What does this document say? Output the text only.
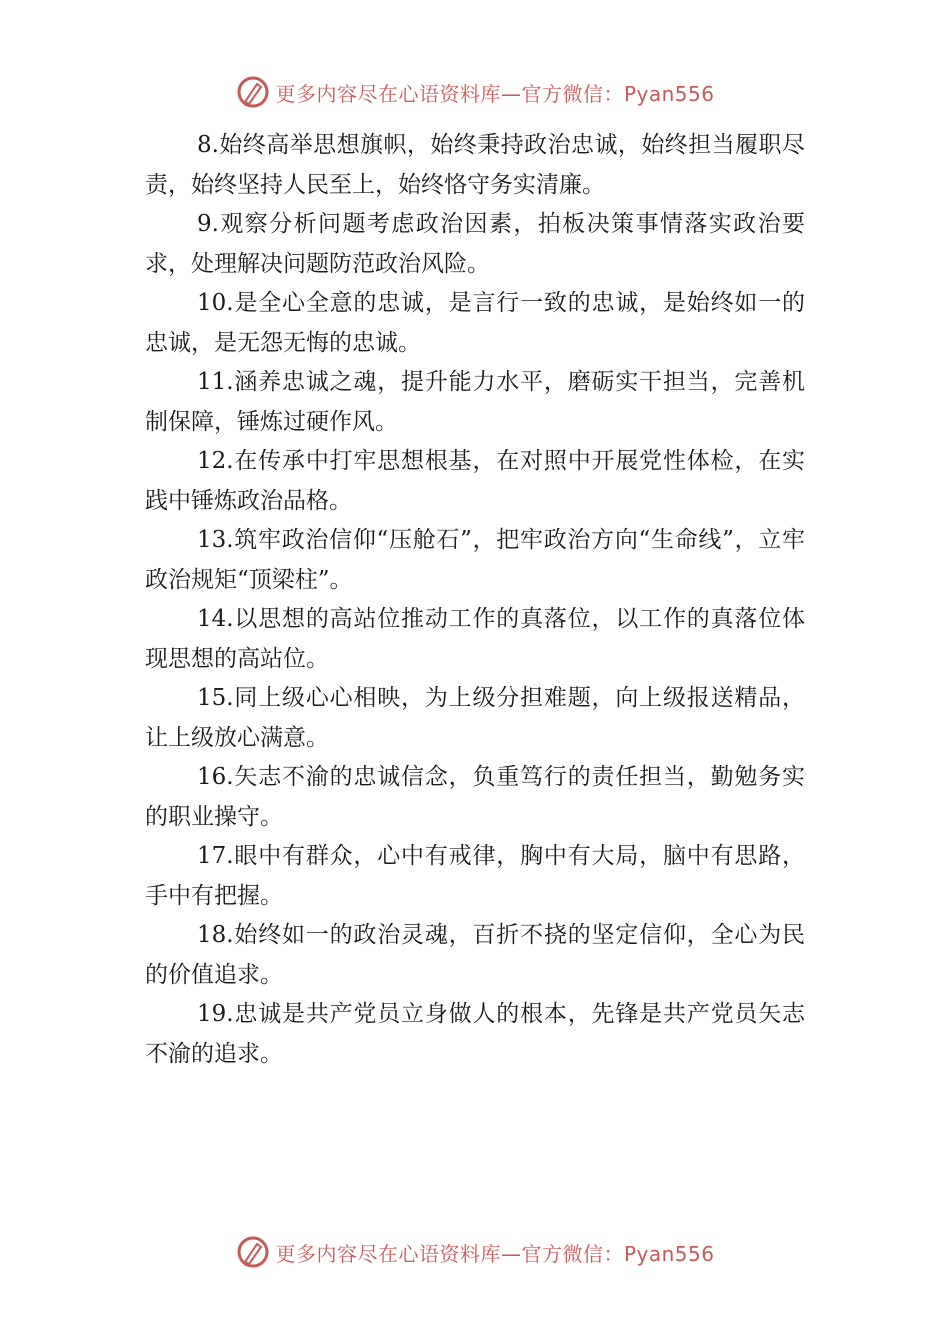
更多内容尽在心语资料库—官方微信：Pyan556

8.始终高举思想旗帜，始终秉持政治忠诚，始终担当履职尽责，始终坚持人民至上，始终恪守务实清廉。

9.观察分析问题考虑政治因素，拍板决策事情落实政治要求，处理解决问题防范政治风险。

10.是全心全意的忠诚，是言行一致的忠诚，是始终如一的忠诚，是无怨无悔的忠诚。

11.涵养忠诚之魂，提升能力水平，磨砺实干担当，完善机制保障，锤炼过硬作风。

12.在传承中打牢思想根基，在对照中开展党性体检，在实践中锤炼政治品格。

13.筑牢政治信仰“压舱石”，把牢政治方向“生命线”，立牢政治规矩“顶梁柱”。

14.以思想的高站位推动工作的真落位，以工作的真落位体现思想的高站位。

15.同上级心心相映，为上级分担难题，向上级报送精品，让上级放心满意。

16.矢志不渝的忠诚信念，负重笃行的责任担当，勤勉务实的职业操守。

17.眼中有群众，心中有戒律，胸中有大局，脑中有思路，手中有把握。

18.始终如一的政治灵魂，百折不挠的坚定信仰，全心为民的价值追求。

19.忠诚是共产党员立身做人的根本，先锋是共产党员矢志不渝的追求。

更多内容尽在心语资料库—官方微信：Pyan556
